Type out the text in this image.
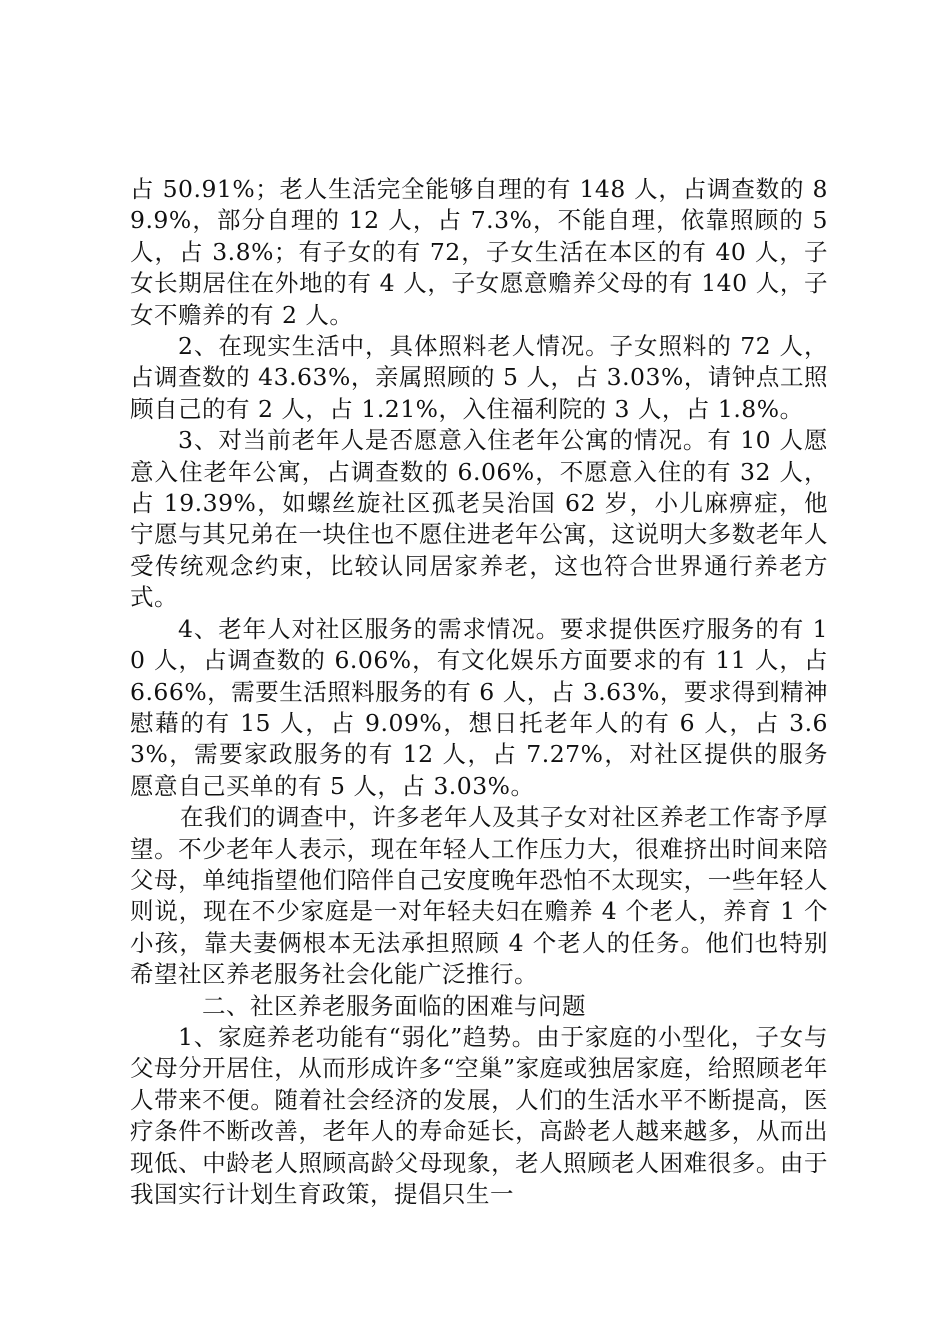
占 50.91%；老人生活完全能够自理的有 148 人，占调查数的 89.9%，部分自理的 12 人，占 7.3%，不能自理，依靠照顾的 5 人，占 3.8%；有子女的有 72，子女生活在本区的有 40 人，子女长期居住在外地的有 4 人，子女愿意赡养父母的有 140 人，子女不赡养的有 2 人。

2、在现实生活中，具体照料老人情况。子女照料的 72 人，占调查数的 43.63%，亲属照顾的 5 人，占 3.03%，请钟点工照顾自己的有 2 人，占 1.21%，入住福利院的 3 人，占 1.8%。

3、对当前老年人是否愿意入住老年公寓的情况。有 10 人愿意入住老年公寓，占调查数的 6.06%，不愿意入住的有 32 人，占 19.39%，如螺丝旋社区孤老吴治国 62 岁，小儿麻痹症，他宁愿与其兄弟在一块住也不愿住进老年公寓，这说明大多数老年人受传统观念约束，比较认同居家养老，这也符合世界通行养老方式。

4、老年人对社区服务的需求情况。要求提供医疗服务的有 10 人，占调查数的 6.06%，有文化娱乐方面要求的有 11 人，占 6.66%，需要生活照料服务的有 6 人，占 3.63%，要求得到精神慰藉的有 15 人，占 9.09%，想日托老年人的有 6 人，占 3.63%，需要家政服务的有 12 人，占 7.27%，对社区提供的服务愿意自己买单的有 5 人，占 3.03%。

在我们的调查中，许多老年人及其子女对社区养老工作寄予厚望。不少老年人表示，现在年轻人工作压力大，很难挤出时间来陪父母，单纯指望他们陪伴自己安度晚年恐怕不太现实，一些年轻人则说，现在不少家庭是一对年轻夫妇在赡养 4 个老人，养育 1 个小孩，靠夫妻俩根本无法承担照顾 4 个老人的任务。他们也特别希望社区养老服务社会化能广泛推行。

二、社区养老服务面临的困难与问题

1、家庭养老功能有“弱化”趋势。由于家庭的小型化，子女与父母分开居住，从而形成许多“空巢”家庭或独居家庭，给照顾老年人带来不便。随着社会经济的发展，人们的生活水平不断提高，医疗条件不断改善，老年人的寿命延长，高龄老人越来越多，从而出现低、中龄老人照顾高龄父母现象，老人照顾老人困难很多。由于我国实行计划生育政策，提倡只生一
